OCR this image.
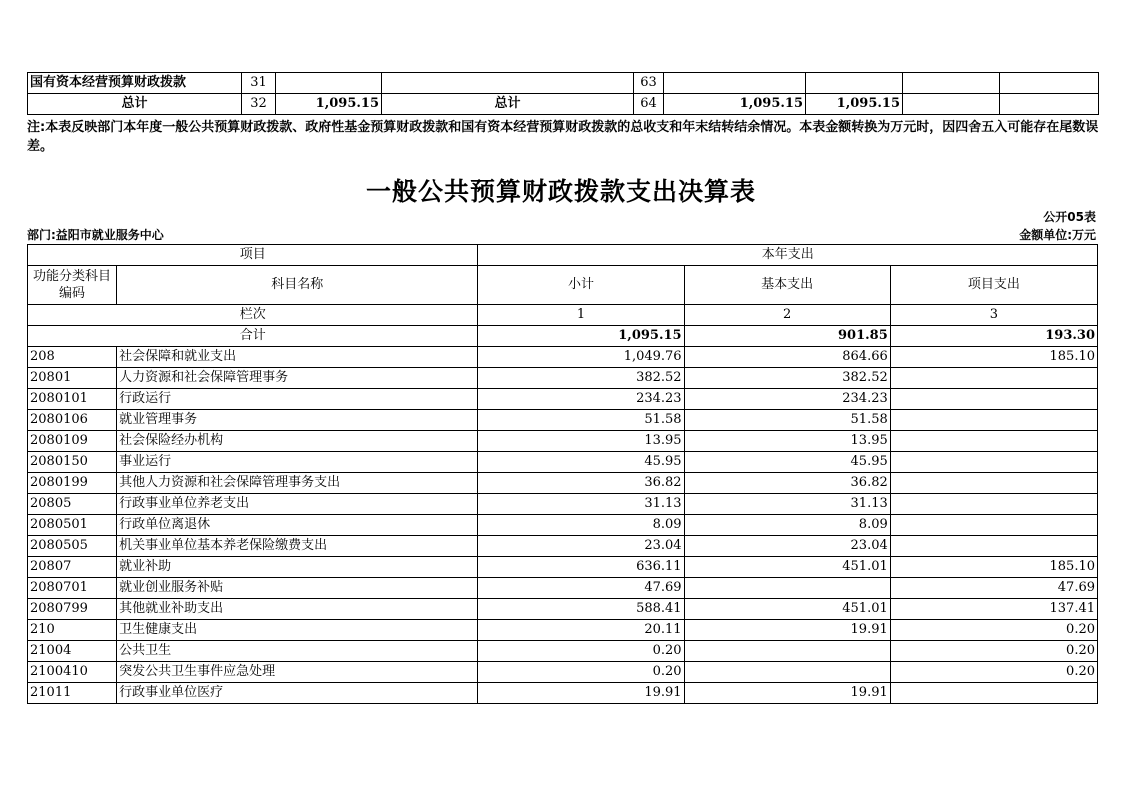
国有资本经营预算财政拨款	31			63				
总计	32	1,095.15	总计	64	1,095.15	1,095.15		
注:本表反映部门本年度一般公共预算财政拨款、政府性基金预算财政拨款和国有资本经营预算财政拨款的总收支和年末结转结余情况。本表金额转换为万元时，因四舍五入可能存在尾数误差。
一般公共预算财政拨款支出决算表
公开05表
部门:益阳市就业服务中心	金额单位:万元
项目		本年支出		
功能分类科目编码	科目名称	小计	基本支出	项目支出
栏次		1	2	3
合计		1,095.15	901.85	193.30
208	社会保障和就业支出	1,049.76	864.66	185.10
20801	人力资源和社会保障管理事务	382.52	382.52	
2080101	行政运行	234.23	234.23	
2080106	就业管理事务	51.58	51.58	
2080109	社会保险经办机构	13.95	13.95	
2080150	事业运行	45.95	45.95	
2080199	其他人力资源和社会保障管理事务支出	36.82	36.82	
20805	行政事业单位养老支出	31.13	31.13	
2080501	行政单位离退休	8.09	8.09	
2080505	机关事业单位基本养老保险缴费支出	23.04	23.04	
20807	就业补助	636.11	451.01	185.10
2080701	就业创业服务补贴	47.69		47.69
2080799	其他就业补助支出	588.41	451.01	137.41
210	卫生健康支出	20.11	19.91	0.20
21004	公共卫生	0.20		0.20
2100410	突发公共卫生事件应急处理	0.20		0.20
21011	行政事业单位医疗	19.91	19.91	
